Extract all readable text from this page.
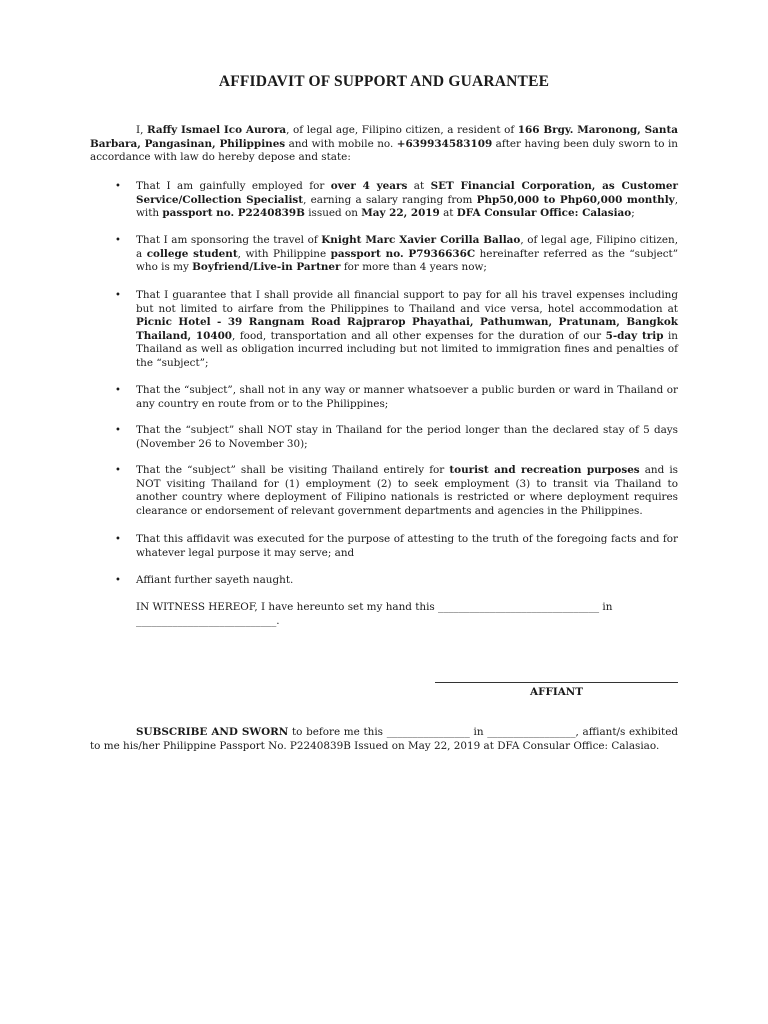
AFFIDAVIT OF SUPPORT AND GUARANTEE
I, Raffy Ismael Ico Aurora, of legal age, Filipino citizen, a resident of 166 Brgy. Maronong, Santa Barbara, Pangasinan, Philippines and with mobile no. +639934583109 after having been duly sworn to in accordance with law do hereby depose and state:
•	That I am gainfully employed for over 4 years at SET Financial Corporation, as Customer Service/Collection Specialist, earning a salary ranging from Php50,000 to Php60,000 monthly, with passport no. P2240839B issued on May 22, 2019 at DFA Consular Office: Calasiao;
•	That I am sponsoring the travel of Knight Marc Xavier Corilla Ballao, of legal age, Filipino citizen, a college student, with Philippine passport no. P7936636C hereinafter referred as the “subject” who is my Boyfriend/Live-in Partner for more than 4 years now;
•	That I guarantee that I shall provide all financial support to pay for all his travel expenses including but not limited to airfare from the Philippines to Thailand and vice versa, hotel accommodation at Picnic Hotel - 39 Rangnam Road Rajprarop Phayathai, Pathumwan, Pratunam, Bangkok Thailand, 10400, food, transportation and all other expenses for the duration of our 5-day trip in Thailand as well as obligation incurred including but not limited to immigration fines and penalties of the “subject”;
•	That the “subject”, shall not in any way or manner whatsoever a public burden or ward in Thailand or any country en route from or to the Philippines;
•	That the “subject” shall NOT stay in Thailand for the period longer than the declared stay of 5 days (November 26 to November 30);
•	That the “subject” shall be visiting Thailand entirely for tourist and recreation purposes and is NOT visiting Thailand for (1) employment (2) to seek employment (3) to transit via Thailand to another country where deployment of Filipino nationals is restricted or where deployment requires clearance or endorsement of relevant government departments and agencies in the Philippines.
•	That this affidavit was executed for the purpose of attesting to the truth of the foregoing facts and for whatever legal purpose it may serve; and
•	Affiant further sayeth naught.
IN WITNESS HEREOF, I have hereunto set my hand this _______________________________ in
___________________________.
AFFIANT
SUBSCRIBE AND SWORN to before me this ________________ in _________________, affiant/s exhibited to me his/her Philippine Passport No. P2240839B Issued on May 22, 2019 at DFA Consular Office: Calasiao.
